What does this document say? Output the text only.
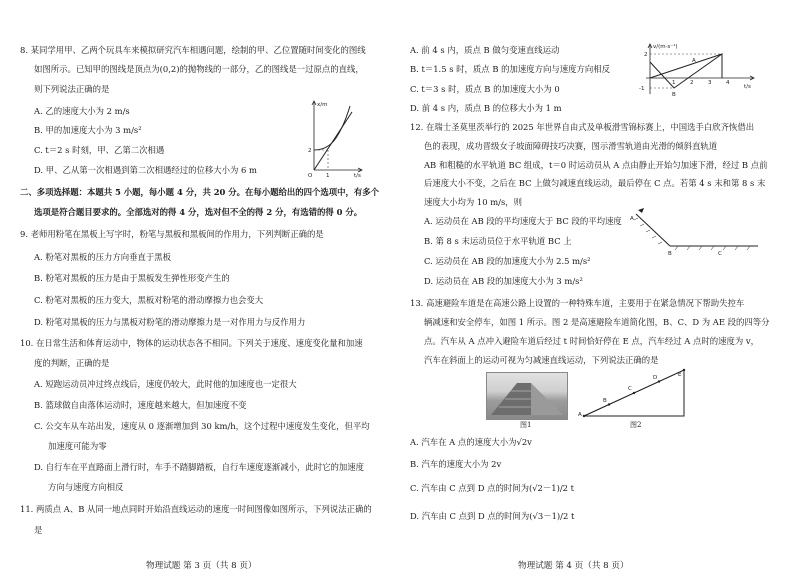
8. 某同学用甲、乙两个玩具车来模拟研究汽车相遇问题，绘制的甲、乙位置随时间变化的图线
如图所示。已知甲的图线是顶点为(0,2)的抛物线的一部分，乙的图线是一过原点的直线，
则下列说法正确的是
A. 乙的速度大小为 2 m/s
B. 甲的加速度大小为 3 m/s²
C. t＝2 s 时刻，甲、乙第二次相遇
D. 甲、乙从第一次相遇到第二次相遇经过的位移大小为 6 m
x/m
t/s
O
2
1
二、多项选择题：本题共 5 小题，每小题 4 分，共 20 分。在每小题给出的四个选项中，有多个
选项是符合题目要求的。全部选对的得 4 分，选对但不全的得 2 分，有选错的得 0 分。
9. 老师用粉笔在黑板上写字时，粉笔与黑板和黑板间的作用力，下列判断正确的是
A. 粉笔对黑板的压力方向垂直于黑板
B. 粉笔对黑板的压力是由于黑板发生弹性形变产生的
C. 粉笔对黑板的压力变大，黑板对粉笔的滑动摩擦力也会变大
D. 粉笔对黑板的压力与黑板对粉笔的滑动摩擦力是一对作用力与反作用力
10. 在日常生活和体育运动中，物体的运动状态各不相同。下列关于速度、速度变化量和加速
度的判断，正确的是
A. 短跑运动员冲过终点线后，速度仍较大，此时他的加速度也一定很大
B. 篮球做自由落体运动时，速度越来越大，但加速度不变
C. 公交车从车站出发，速度从 0 逐渐增加到 30 km/h，这个过程中速度发生变化，但平均
加速度可能为零
D. 自行车在平直路面上滑行时，车手不踏脚踏板，自行车速度逐渐减小，此时它的加速度
方向与速度方向相反
11. 两质点 A、B 从同一地点同时开始沿直线运动的速度一时间图像如图所示，下列说法正确的
是
物理试题 第 3 页（共 8 页）
A. 前 4 s 内，质点 B 做匀变速直线运动
B. t＝1.5 s 时，质点 B 的加速度方向与速度方向相反
C. t＝3 s 时，质点 B 的加速度大小为 0
D. 前 4 s 内，质点 B 的位移大小为 1 m
v/(m·s⁻¹)
t/s
A
B
2
-1
1	2	3	4
12. 在瑞士圣莫里茨举行的 2025 年世界自由式及单板滑雪锦标赛上，中国选手白欣齐恢借出
色的表现，成功晋级女子坡面障碍技巧决赛，图示滑雪轨道由光滑的倾斜直轨道
AB 和粗糙的水平轨道 BC 组成，t＝0 时运动员从 A 点由静止开始匀加速下滑，经过 B 点前
后速度大小不变，之后在 BC 上做匀减速直线运动，最后停在 C 点。若第 4 s 末和第 8 s 末
速度大小均为 10 m/s，则
A. 运动员在 AB 段的平均速度大于 BC 段的平均速度
B. 第 8 s 末运动员位于水平轨道 BC 上
C. 运动员在 AB 段的加速度大小为 2.5 m/s²
D. 运动员在 AB 段的加速度大小为 3 m/s²
A
B	C
13. 高速避险车道是在高速公路上设置的一种特殊车道，主要用于在紧急情况下帮助失控车
辆减速和安全停车，如图 1 所示。图 2 是高速避险车道简化图，B、C、D 为 AE 段的四等分
点。汽车从 A 点冲入避险车道后经过 t 时间恰好停在 E 点，汽车经过 A 点时的速度为 v，
汽车在斜面上的运动可视为匀减速直线运动，下列说法正确的是
图1
A
B
C
D	E
图2
A. 汽车在 A 点的速度大小为√2v
B. 汽车的速度大小为 2v
C. 汽车由 C 点到 D 点的时间为(√2－1)/2 t
D. 汽车由 C 点到 D 点的时间为(√3－1)/2 t
物理试题 第 4 页（共 8 页）
